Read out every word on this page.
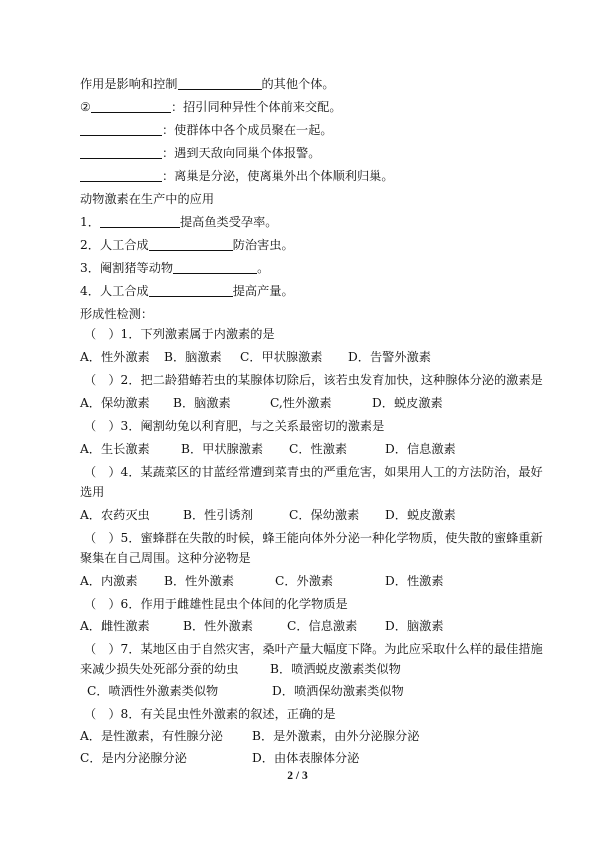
作用是影响和控制	的其他个体。
②	：招引同种异性个体前来交配。
：使群体中各个成员聚在一起。
：遇到天敌向同巢个体报警。
：离巢是分泌，使离巢外出个体顺利归巢。
动物激素在生产中的应用
1．	提高鱼类受孕率。
2．人工合成	防治害虫。
3．阉割猪等动物	。
4．人工合成	提高产量。
形成性检测：
（　）1．下列激素属于内激素的是
A．性外激素 B．脑激素 C．甲状腺激素 D．告警外激素
（　）2．把二龄猎蝽若虫的某腺体切除后，该若虫发育加快，这种腺体分泌的激素是
A．保幼激素 B．脑激素	C,性外激素	D．蜕皮激素
（　）3．阉割幼兔以利育肥，与之关系最密切的激素是
A．生长激素	B．甲状腺激素 C．性激素	D．信息激素
（　）4．某蔬菜区的甘蓝经常遭到菜青虫的严重危害，如果用人工的方法防治，最好
选用
A．农药灭虫	B．性引诱剂	C．保幼激素 D．蜕皮激素
（　）5．蜜蜂群在失散的时候，蜂王能向体外分泌一种化学物质，使失散的蜜蜂重新
聚集在自己周围。这种分泌物是
A．内激素 B．性外激素	C．外激素	D．性激素
（　）6．作用于雌雄性昆虫个体间的化学物质是
A．雌性激素	B．性外激素	C．信息激素 D．脑激素
（　）7．某地区由于自然灾害，桑叶产量大幅度下降。为此应采取什么样的最佳措施
来减少损失处死部分蚕的幼虫	B．喷洒蜕皮激素类似物
C．喷洒性外激素类似物	D．喷洒保幼激素类似物
（　）8．有关昆虫性外激素的叙述，正确的是
A．是性激素，有性腺分泌 B．是外激素，由外分泌腺分泌
C．是内分泌腺分泌	D．由体表腺体分泌
2 / 3
